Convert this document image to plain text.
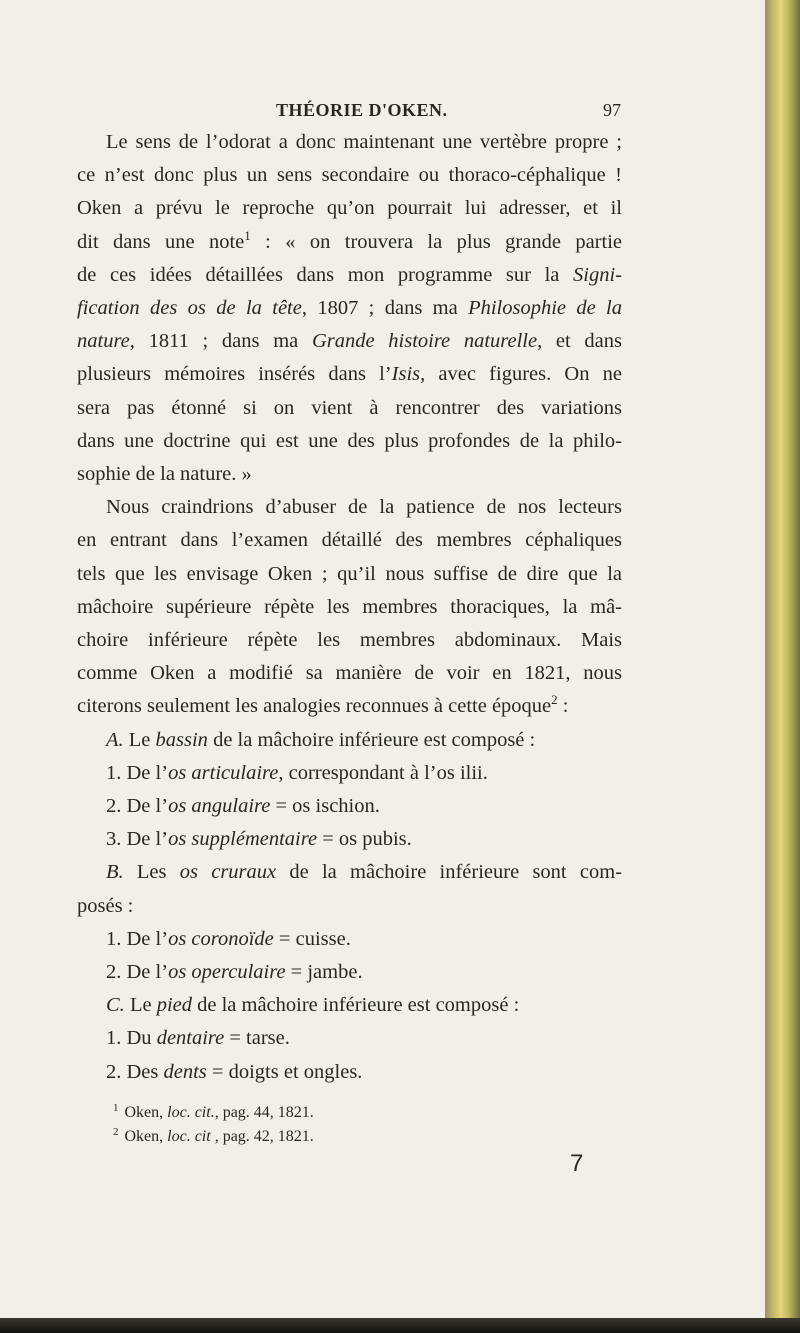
THÉORIE D'OKEN.	97
Le sens de l’odorat a donc maintenant une vertèbre propre ;
ce n’est donc plus un sens secondaire ou thoraco-céphalique !
Oken a prévu le reproche qu’on pourrait lui adresser, et il
dit dans une note$^1$ : « on trouvera la plus grande partie
de ces idées détaillées dans mon programme sur la Signi-
fication des os de la tête, 1807 ; dans ma Philosophie de la
nature, 1811 ; dans ma Grande histoire naturelle, et dans
plusieurs mémoires insérés dans l’Isis, avec figures. On ne
sera pas étonné si on vient à rencontrer des variations
dans une doctrine qui est une des plus profondes de la philo-
sophie de la nature. »
Nous craindrions d’abuser de la patience de nos lecteurs
en entrant dans l’examen détaillé des membres céphaliques
tels que les envisage Oken ; qu’il nous suffise de dire que la
mâchoire supérieure répète les membres thoraciques, la mâ-
choire inférieure répète les membres abdominaux. Mais
comme Oken a modifié sa manière de voir en 1821, nous
citerons seulement les analogies reconnues à cette époque$^2$ :
A. Le bassin de la mâchoire inférieure est composé :
1. De l’os articulaire, correspondant à l’os ilii.
2. De l’os angulaire = os ischion.
3. De l’os supplémentaire = os pubis.
B. Les os cruraux de la mâchoire inférieure sont com-
posés :
1. De l’os coronoïde = cuisse.
2. De l’os operculaire = jambe.
C. Le pied de la mâchoire inférieure est composé :
1. Du dentaire = tarse.
2. Des dents = doigts et ongles.
$^1$ Oken, loc. cit., pag. 44, 1821.
$^2$ Oken, loc. cit , pag. 42, 1821.
7
